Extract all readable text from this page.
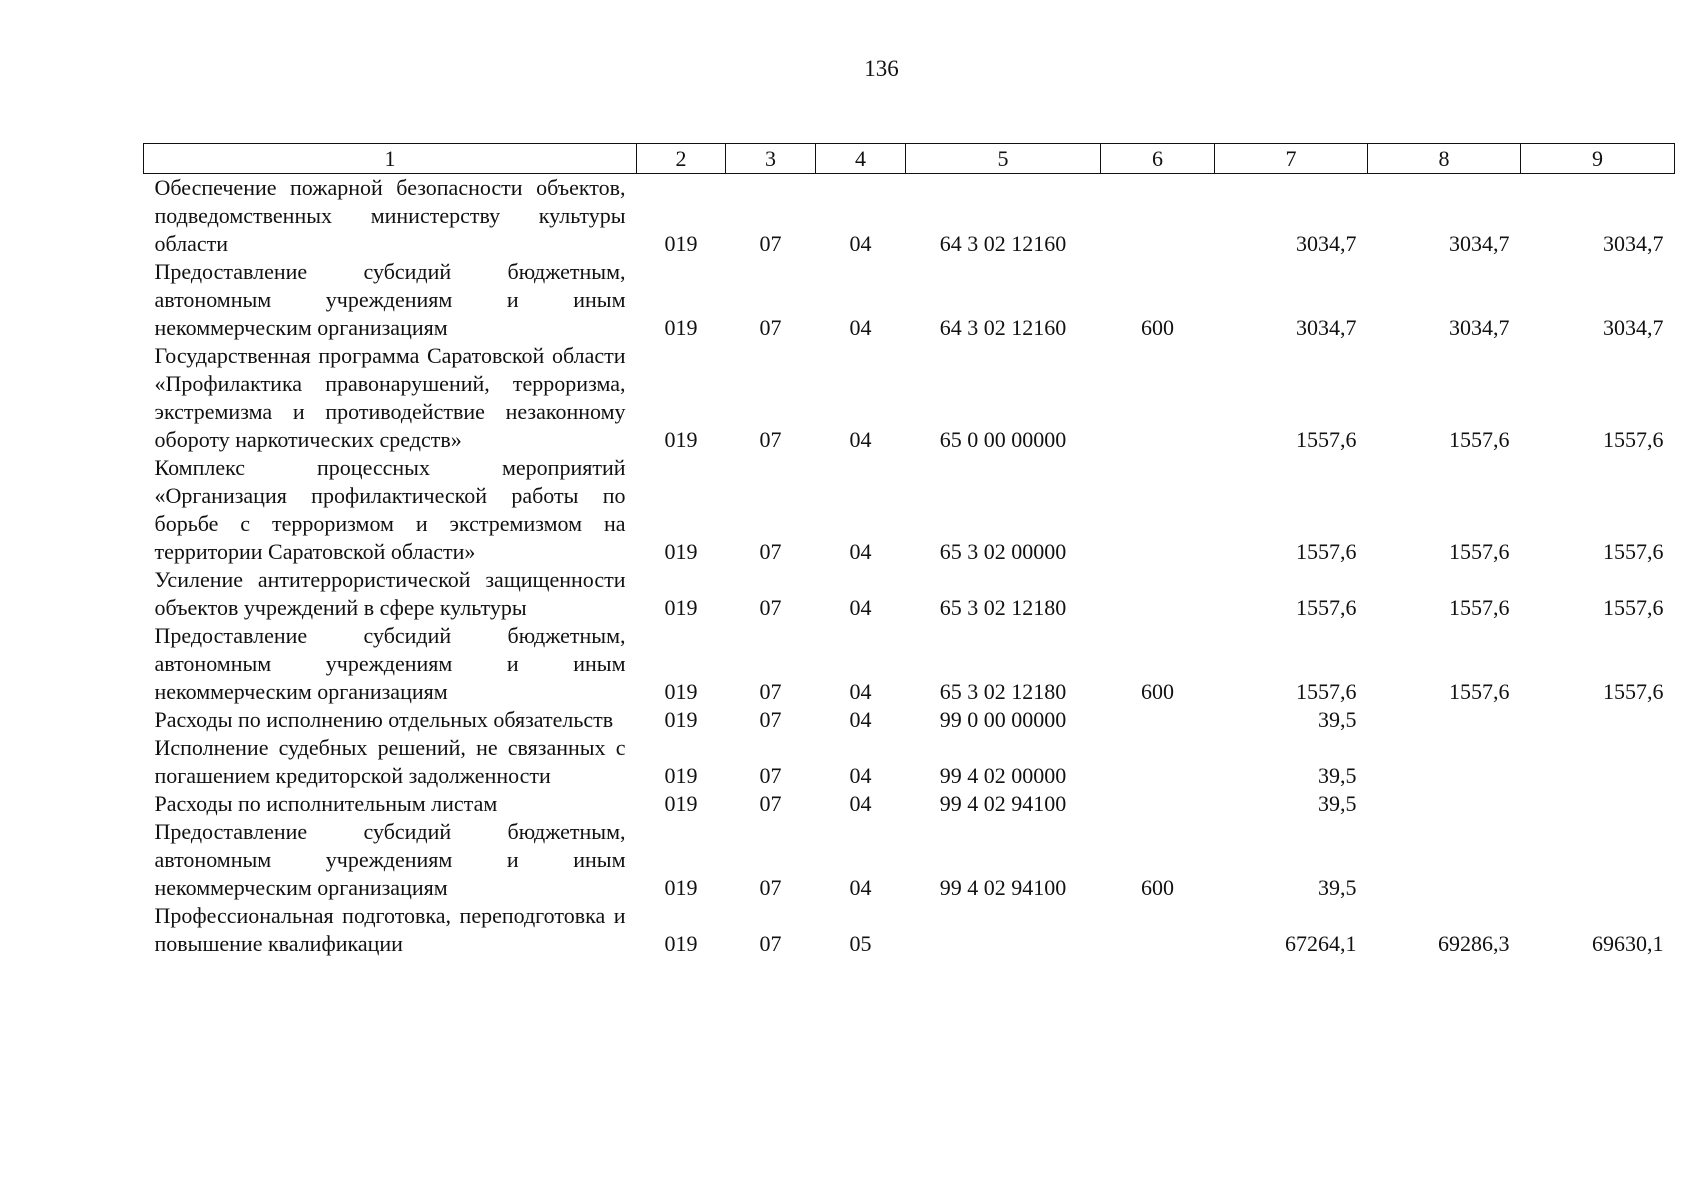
136
1	2	3	4	5	6	7	8	9
Обеспечение пожарной безопасности объектов, подведомственных министерству культуры области	019	07	04	64 3 02 12160		3034,7	3034,7	3034,7
Предоставление субсидий бюджетным, автономным учреждениям и иным некоммерческим организациям	019	07	04	64 3 02 12160	600	3034,7	3034,7	3034,7
Государственная программа Саратовской области «Профилактика правонарушений, терроризма, экстремизма и противодействие незаконному обороту наркотических средств»	019	07	04	65 0 00 00000		1557,6	1557,6	1557,6
Комплекс процессных мероприятий «Организация профилактической работы по борьбе с терроризмом и экстремизмом на территории Саратовской области»	019	07	04	65 3 02 00000		1557,6	1557,6	1557,6
Усиление антитеррористической защищенности объектов учреждений в сфере культуры	019	07	04	65 3 02 12180		1557,6	1557,6	1557,6
Предоставление субсидий бюджетным, автономным учреждениям и иным некоммерческим организациям	019	07	04	65 3 02 12180	600	1557,6	1557,6	1557,6
Расходы по исполнению отдельных обязательств	019	07	04	99 0 00 00000		39,5		
Исполнение судебных решений, не связанных с погашением кредиторской задолженности	019	07	04	99 4 02 00000		39,5		
Расходы по исполнительным листам	019	07	04	99 4 02 94100		39,5		
Предоставление субсидий бюджетным, автономным учреждениям и иным некоммерческим организациям	019	07	04	99 4 02 94100	600	39,5		
Профессиональная подготовка, переподготовка и повышение квалификации	019	07	05			67264,1	69286,3	69630,1
